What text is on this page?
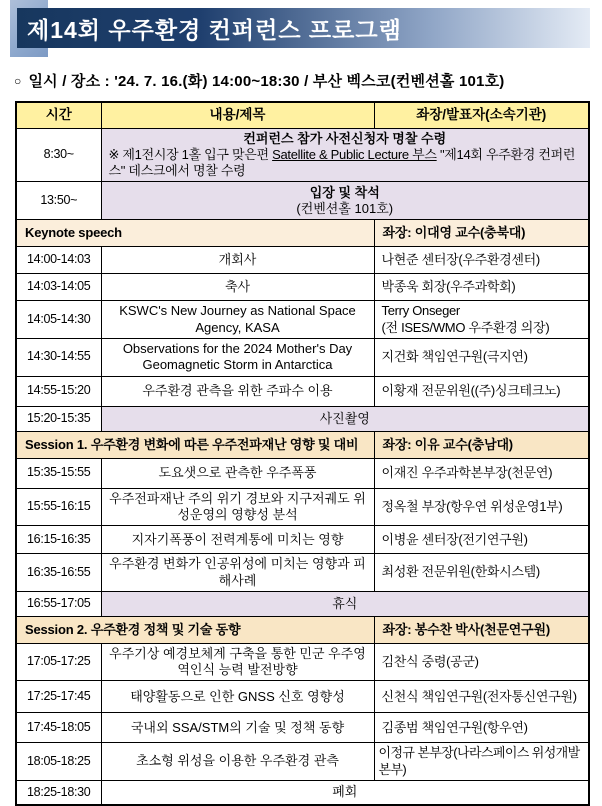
제14회 우주환경 컨퍼런스 프로그램
○ 일시 / 장소 : '24. 7. 16.(화) 14:00~18:30 / 부산 벡스코(컨벤션홀 101호)
시간	내용/제목	좌장/발표자(소속기관)
8:30~	컨퍼런스 참가 사전신청자 명찰 수령
※ 제1전시장 1홀 입구 맞은편 Satellite & Public Lecture 부스 "제14회 우주환경 컨퍼런스" 데스크에서 명찰 수령	

13:50~	입장 및 착석
(컨벤션홀 101호)	

Keynote speech		좌장: 이대영 교수(충북대)
14:00-14:03	개회사	나현준 센터장(우주환경센터)
14:03-14:05	축사	박종욱 회장(우주과학회)
14:05-14:30	KSWC's New Journey as National Space Agency, KASA	Terry Onseger
(전 ISES/WMO 우주환경 의장)

14:30-14:55	Observations for the 2024 Mother's Day Geomagnetic Storm in Antarctica	지건화 책임연구원(극지연)
14:55-15:20	우주환경 관측을 위한 주파수 이용	이황재 전문위원((주)싱크테크노)
15:20-15:35	사진촬영	
Session 1. 우주환경 변화에 따른 우주전파재난 영향 및 대비		좌장: 이유 교수(충남대)
15:35-15:55	도요샛으로 관측한 우주폭풍	이재진 우주과학본부장(천문연)
15:55-16:15	우주전파재난 주의 위기 경보와 지구저궤도 위성운영의 영향성 분석	정옥철 부장(항우연 위성운영1부)
16:15-16:35	지자기폭풍이 전력계통에 미치는 영향	이병윤 센터장(전기연구원)
16:35-16:55	우주환경 변화가 인공위성에 미치는 영향과 피해사례	최성환 전문위원(한화시스템)
16:55-17:05	휴식	
Session 2. 우주환경 정책 및 기술 동향		좌장: 봉수찬 박사(천문연구원)
17:05-17:25	우주기상 예경보체계 구축을 통한 민군 우주영역인식 능력 발전방향	김찬식 중령(공군)
17:25-17:45	태양활동으로 인한 GNSS 신호 영향성	신천식 책임연구원(전자통신연구원)
17:45-18:05	국내외 SSA/STM의 기술 및 정책 동향	김종범 책임연구원(항우연)
18:05-18:25	초소형 위성을 이용한 우주환경 관측	이정규 본부장(나라스페이스 위성개발본부)
18:25-18:30	폐회	
